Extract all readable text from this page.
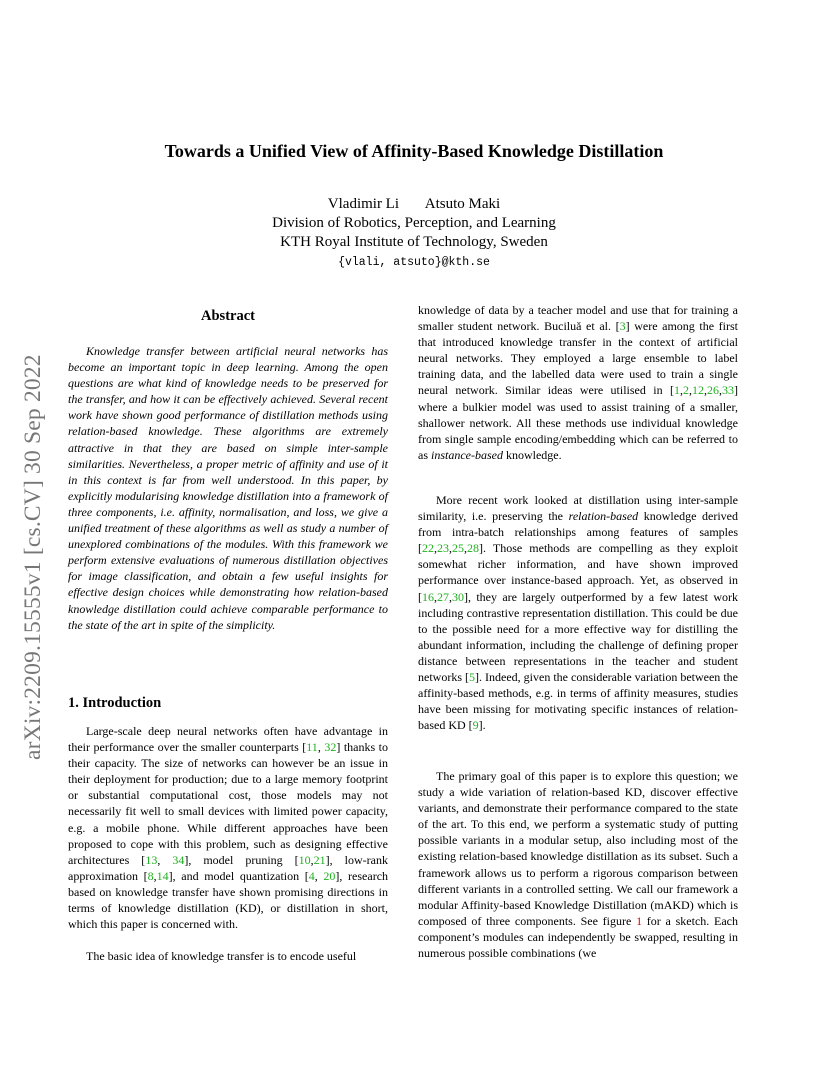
arXiv:2209.15555v1 [cs.CV] 30 Sep 2022
Towards a Unified View of Affinity-Based Knowledge Distillation
Vladimir Li Atsuto Maki
Division of Robotics, Perception, and Learning
KTH Royal Institute of Technology, Sweden
{vlali, atsuto}@kth.se
Abstract

Knowledge transfer between artificial neural networks has become an important topic in deep learning. Among the open questions are what kind of knowledge needs to be preserved for the transfer, and how it can be effectively achieved. Several recent work have shown good performance of distillation methods using relation-based knowledge. These algorithms are extremely attractive in that they are based on simple inter-sample similarities. Nevertheless, a proper metric of affinity and use of it in this context is far from well understood. In this paper, by explicitly modularising knowledge distillation into a framework of three components, i.e. affinity, normalisation, and loss, we give a unified treatment of these algorithms as well as study a number of unexplored combinations of the modules. With this framework we perform extensive evaluations of numerous distillation objectives for image classification, and obtain a few useful insights for effective design choices while demonstrating how relation-based knowledge distillation could achieve comparable performance to the state of the art in spite of the simplicity.

1. Introduction

Large-scale deep neural networks often have advantage in their performance over the smaller counterparts [11, 32] thanks to their capacity. The size of networks can however be an issue in their deployment for production; due to a large memory footprint or substantial computational cost, those models may not necessarily fit well to small devices with limited power capacity, e.g. a mobile phone. While different approaches have been proposed to cope with this problem, such as designing effective architectures [13, 34], model pruning [10,21], low-rank approximation [8,14], and model quantization [4, 20], research based on knowledge transfer have shown promising directions in terms of knowledge distillation (KD), or distillation in short, which this paper is concerned with.

The basic idea of knowledge transfer is to encode useful

knowledge of data by a teacher model and use that for training a smaller student network. Buciluǎ et al. [3] were among the first that introduced knowledge transfer in the context of artificial neural networks. They employed a large ensemble to label training data, and the labelled data were used to train a single neural network. Similar ideas were utilised in [1,2,12,26,33] where a bulkier model was used to assist training of a smaller, shallower network. All these methods use individual knowledge from single sample encoding/embedding which can be referred to as instance-based knowledge.

More recent work looked at distillation using inter-sample similarity, i.e. preserving the relation-based knowledge derived from intra-batch relationships among features of samples [22,23,25,28]. Those methods are compelling as they exploit somewhat richer information, and have shown improved performance over instance-based approach. Yet, as observed in [16,27,30], they are largely outperformed by a few latest work including contrastive representation distillation. This could be due to the possible need for a more effective way for distilling the abundant information, including the challenge of defining proper distance between representations in the teacher and student networks [5]. Indeed, given the considerable variation between the affinity-based methods, e.g. in terms of affinity measures, studies have been missing for motivating specific instances of relation-based KD [9].

The primary goal of this paper is to explore this question; we study a wide variation of relation-based KD, discover effective variants, and demonstrate their performance compared to the state of the art. To this end, we perform a systematic study of putting possible variants in a modular setup, also including most of the existing relation-based knowledge distillation as its subset. Such a framework allows us to perform a rigorous comparison between different variants in a controlled setting. We call our framework a modular Affinity-based Knowledge Distillation (mAKD) which is composed of three components. See figure 1 for a sketch. Each component’s modules can independently be swapped, resulting in numerous possible combinations (we
